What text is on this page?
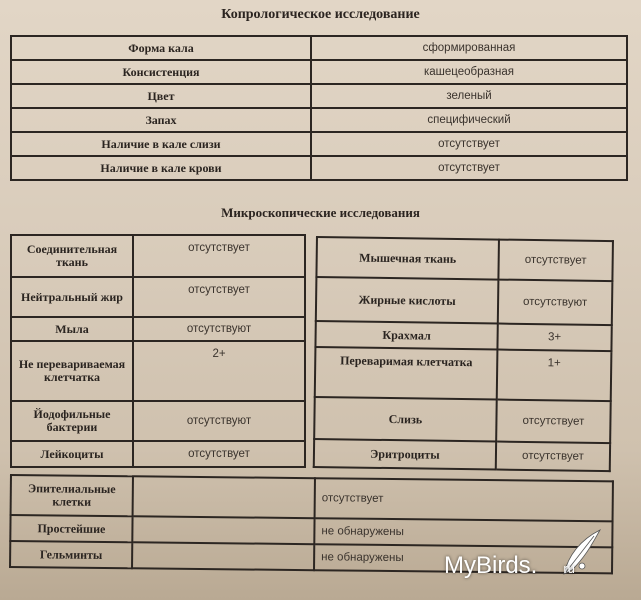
Копрологическое исследование
Форма кала	сформированная
Консистенция	кашецеобразная
Цвет	зеленый
Запах	специфический
Наличие в кале слизи	отсутствует
Наличие в кале крови	отсутствует
Микроскопические исследования
Соединительная ткань	отсутствует
Нейтральный жир	отсутствует
Мыла	отсутствуют
Не перевариваемая клетчатка	2+
Йодофильные бактерии	отсутствуют
Лейкоциты	отсутствует
Мышечная ткань	отсутствует
Жирные кислоты	отсутствуют
Крахмал	3+
Переваримая клетчатка	1+
Слизь	отсутствует
Эритроциты	отсутствует
Эпителиальные клетки		отсутствует
Простейшие		не обнаружены
Гельминты		не обнаружены MyBirds. ru
